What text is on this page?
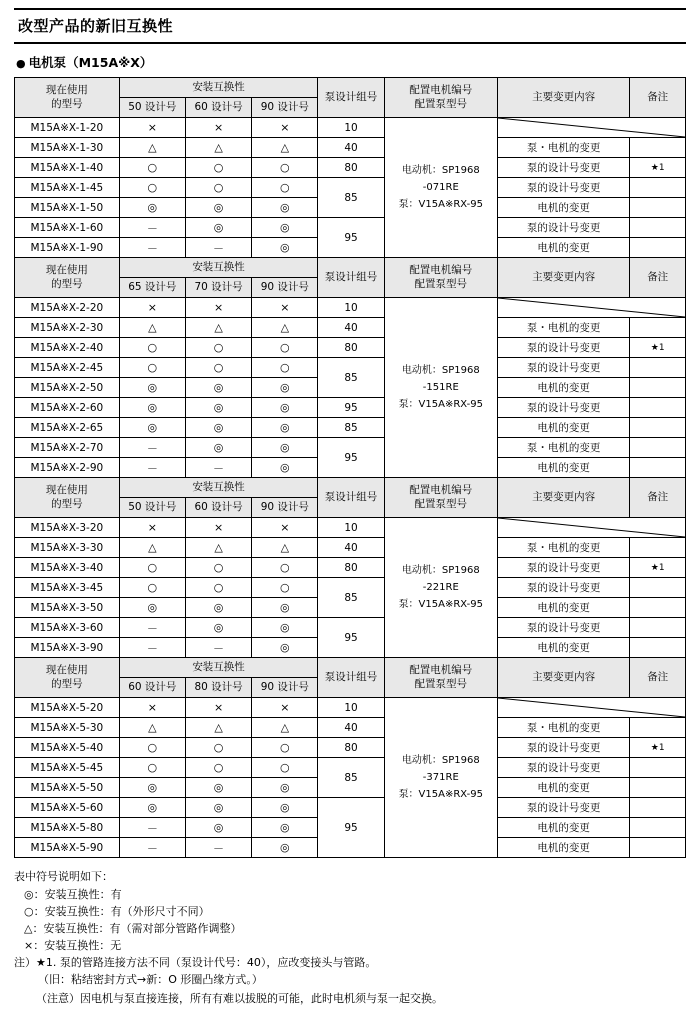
改型产品的新旧互换性
● 电机泵（M15A※X）
现在使用
的型号
	安装互换性	泵设计组号	
配置电机编号
配置泵型号
	主要变更内容	备注
	50 设计号	60 设计号	90 设计号				
M15A※X-1-20	×	×	×	10	电动机：SP1968
-071RE
泵：V15A※RX-95

M15A※X-1-30	△	△	△	40		泵・电机的变更	
M15A※X-1-40	○	○	○	80		泵的设计号变更	★1
M15A※X-1-45	○	○	○	85		泵的设计号变更	
M15A※X-1-50	◎	◎	◎			电机的变更	
M15A※X-1-60	－	◎	◎	95		泵的设计号变更	
M15A※X-1-90	－	－	◎			电机的变更	
现在使用
的型号
	安装互换性	泵设计组号	
配置电机编号
配置泵型号
	主要变更内容	备注
	65 设计号	70 设计号	90 设计号				
M15A※X-2-20	×	×	×	10	电动机：SP1968
-151RE
泵：V15A※RX-95

M15A※X-2-30	△	△	△	40		泵・电机的变更	
M15A※X-2-40	○	○	○	80		泵的设计号变更	★1
M15A※X-2-45	○	○	○	85		泵的设计号变更	
M15A※X-2-50	◎	◎	◎			电机的变更	
M15A※X-2-60	◎	◎	◎	95		泵的设计号变更	
M15A※X-2-65	◎	◎	◎	85		电机的变更	
M15A※X-2-70	－	◎	◎	95		泵・电机的变更	
M15A※X-2-90	－	－	◎			电机的变更	
现在使用
的型号
	安装互换性	泵设计组号	
配置电机编号
配置泵型号
	主要变更内容	备注
	50 设计号	60 设计号	90 设计号				
M15A※X-3-20	×	×	×	10	电动机：SP1968
-221RE
泵：V15A※RX-95

M15A※X-3-30	△	△	△	40		泵・电机的变更	
M15A※X-3-40	○	○	○	80		泵的设计号变更	★1
M15A※X-3-45	○	○	○	85		泵的设计号变更	
M15A※X-3-50	◎	◎	◎			电机的变更	
M15A※X-3-60	－	◎	◎	95		泵的设计号变更	
M15A※X-3-90	－	－	◎			电机的变更	
现在使用
的型号
	安装互换性	泵设计组号	
配置电机编号
配置泵型号
	主要变更内容	备注
	60 设计号	80 设计号	90 设计号				
M15A※X-5-20	×	×	×	10	电动机：SP1968
-371RE
泵：V15A※RX-95

M15A※X-5-30	△	△	△	40		泵・电机的变更	
M15A※X-5-40	○	○	○	80		泵的设计号变更	★1
M15A※X-5-45	○	○	○	85		泵的设计号变更	
M15A※X-5-50	◎	◎	◎			电机的变更	
M15A※X-5-60	◎	◎	◎	95		泵的设计号变更	
M15A※X-5-80	－	◎	◎			电机的变更	
M15A※X-5-90	－	－	◎			电机的变更	
表中符号说明如下：
◎：安装互换性：有
○：安装互换性：有（外形尺寸不同）
△：安装互换性：有（需对部分管路作调整）
×：安装互换性：无
注）★1. 泵的管路连接方法不同（泵设计代号：40），应改变接头与管路。
（旧：粘结密封方式→新：O 形圈凸缘方式。）
（注意）因电机与泵直接连接，所有有难以拔脱的可能，此时电机须与泵一起交换。
